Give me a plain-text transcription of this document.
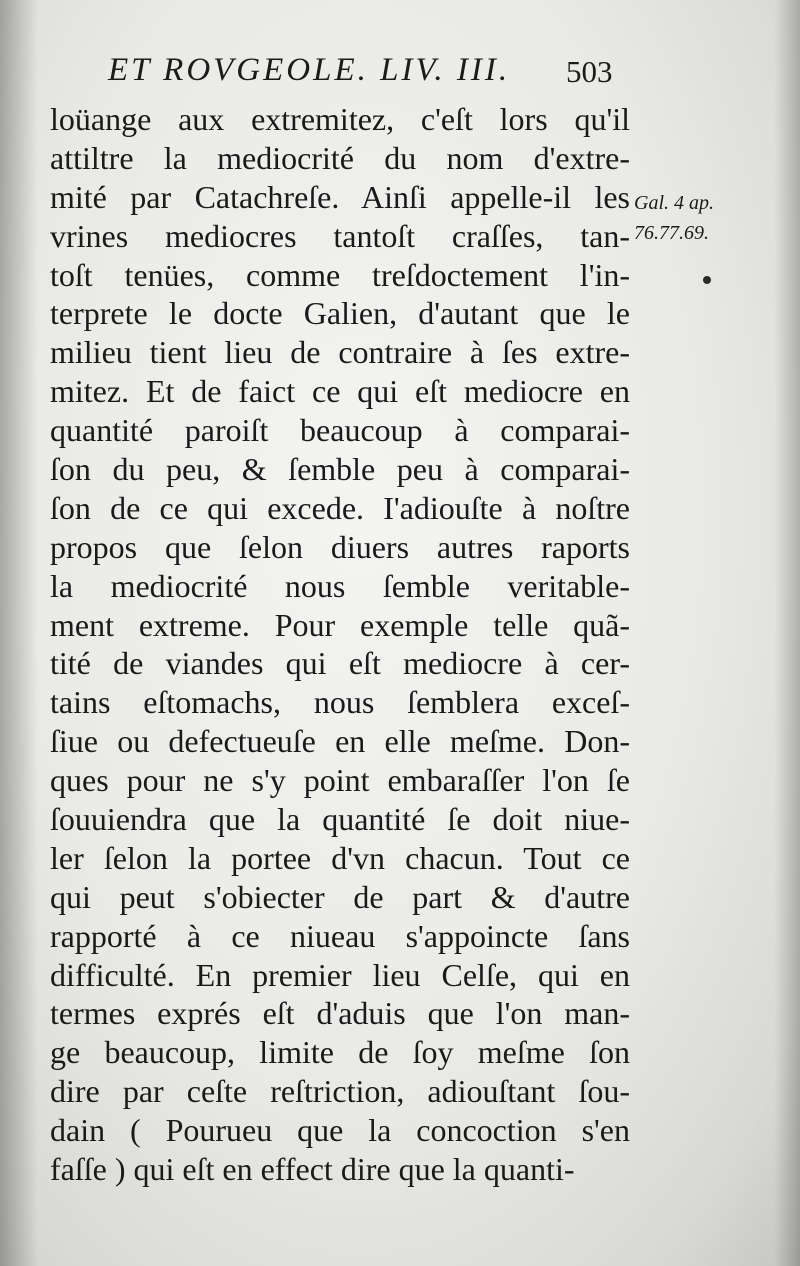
ET ROVGEOLE. LIV. III.	503
loüange aux extremitez, c'eſt lors qu'il
attiltre la mediocrité du nom d'extre-
mité par Catachreſe. Ainſi appelle-il les
vrines mediocres tantoſt craſſes, tan-
toſt tenües, comme treſdoctement l'in-
terprete le docte Galien, d'autant que le
milieu tient lieu de contraire à ſes extre-
mitez. Et de faict ce qui eſt mediocre en
quantité paroiſt beaucoup à comparai-
ſon du peu, & ſemble peu à comparai-
ſon de ce qui excede. I'adiouſte à noſtre
propos que ſelon diuers autres raports
la mediocrité nous ſemble veritable-
ment extreme. Pour exemple telle quã-
tité de viandes qui eſt mediocre à cer-
tains eſtomachs, nous ſemblera exceſ-
ſiue ou defectueuſe en elle meſme. Don-
ques pour ne s'y point embaraſſer l'on ſe
ſouuiendra que la quantité ſe doit niue-
ler ſelon la portee d'vn chacun. Tout ce
qui peut s'obiecter de part & d'autre
rapporté à ce niueau s'appoincte ſans
difficulté. En premier lieu Celſe, qui en
termes exprés eſt d'aduis que l'on man-
ge beaucoup, limite de ſoy meſme ſon
dire par ceſte reſtriction, adiouſtant ſou-
dain ( Pourueu que la concoction s'en
faſſe ) qui eſt en effect dire que la quanti-
Gal. 4 ap.
76.77.69.
